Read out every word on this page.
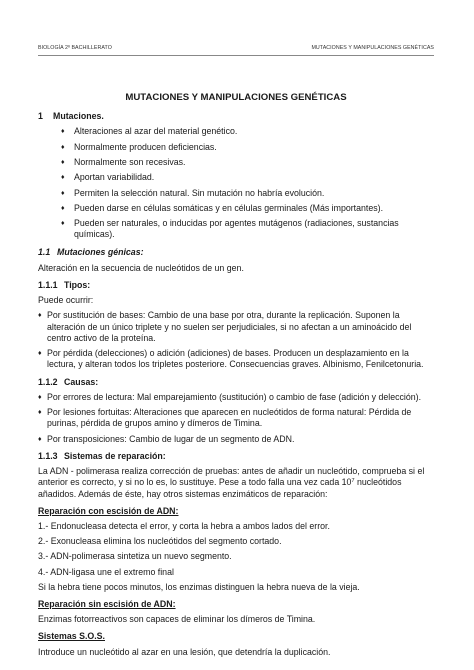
BIOLOGÍA 2º BACHILLERATO	MUTACIONES Y MANIPULACIONES GENÉTICAS
MUTACIONES Y MANIPULACIONES GENÉTICAS
1 Mutaciones.
♦ Alteraciones al azar del material genético.
♦ Normalmente producen deficiencias.
♦ Normalmente son recesivas.
♦ Aportan variabilidad.
♦ Permiten la selección natural. Sin mutación no habría evolución.
♦ Pueden darse en células somáticas y en células germinales (Más importantes).
♦ Pueden ser naturales, o inducidas por agentes mutágenos (radiaciones, sustancias químicas).
1.1 Mutaciones génicas:

Alteración en la secuencia de nucleótidos de un gen.

1.1.1 Tipos:

Puede ocurrir:

♦ Por sustitución de bases: Cambio de una base por otra, durante la replicación. Suponen la alteración de un único triplete y no suelen ser perjudiciales, si no afectan a un aminoácido del centro activo de la proteína.
♦ Por pérdida (delecciones) o adición (adiciones) de bases. Producen un desplazamiento en la lectura, y alteran todos los tripletes posteriore. Consecuencias graves. Albinismo, Fenilcetonuria.
1.1.2 Causas:
♦ Por errores de lectura: Mal emparejamiento (sustitución) o cambio de fase (adición y delección).
♦ Por lesiones fortuitas: Alteraciones que aparecen en nucleótidos de forma natural: Pérdida de purinas, pérdida de grupos amino y dímeros de Timina.
♦ Por transposiciones: Cambio de lugar de un segmento de ADN.
1.1.3 Sistemas de reparación:

La ADN - polimerasa realiza corrección de pruebas: antes de añadir un nucleótido, comprueba si el anterior es correcto, y si no lo es, lo sustituye. Pese a todo falla una vez cada $10^7$ nucleótidos añadidos. Además de éste, hay otros sistemas enzimáticos de reparación:

Reparación con escisión de ADN:

1.- Endonucleasa detecta el error, y corta la hebra a ambos lados del error.

2.- Exonucleasa elimina los nucleótidos del segmento cortado.

3.- ADN-polimerasa sintetiza un nuevo segmento.

4.- ADN-ligasa une el extremo final

Si la hebra tiene pocos minutos, los enzimas distinguen la hebra nueva de la vieja.

Reparación sin escisión de ADN:

Enzimas fotorreactivos son capaces de eliminar los dímeros de Timina.

Sistemas S.O.S.

Introduce un nucleótido al azar en una lesión, que detendría la duplicación.
